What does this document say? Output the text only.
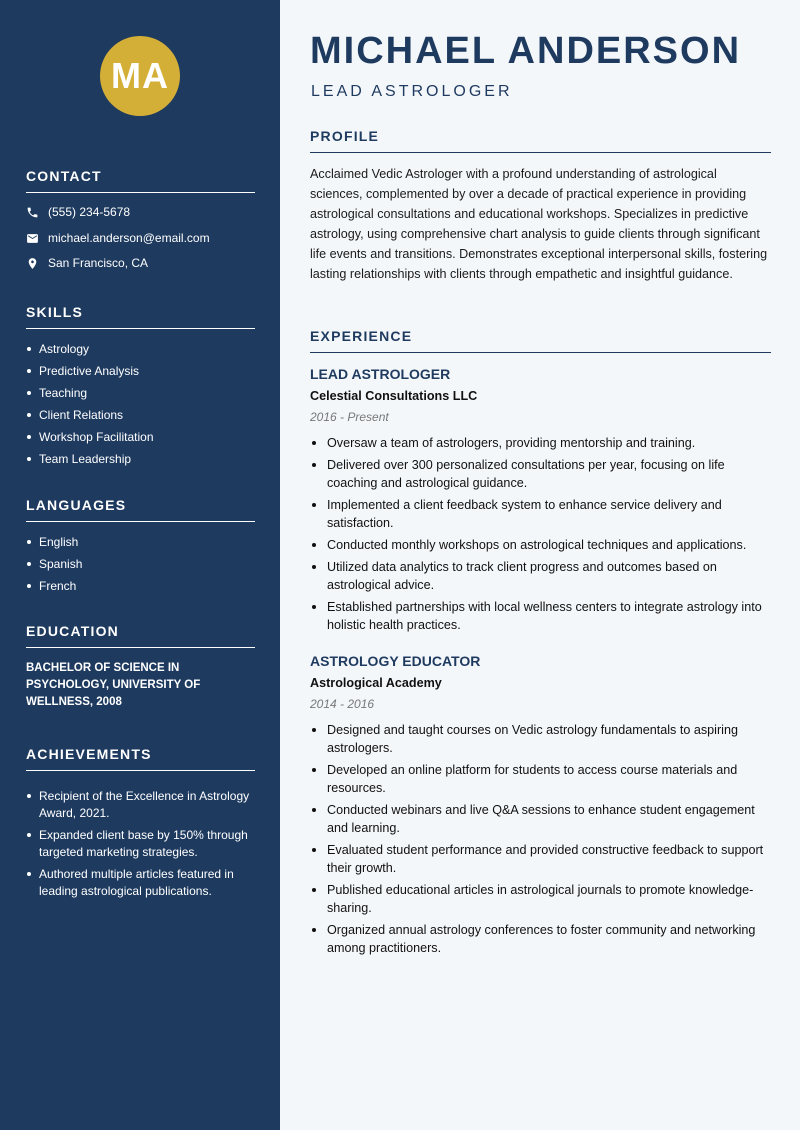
MA
CONTACT
(555) 234-5678
michael.anderson@email.com
San Francisco, CA
SKILLS
Astrology
Predictive Analysis
Teaching
Client Relations
Workshop Facilitation
Team Leadership
LANGUAGES
English
Spanish
French
EDUCATION
BACHELOR OF SCIENCE IN PSYCHOLOGY, UNIVERSITY OF WELLNESS, 2008
ACHIEVEMENTS
Recipient of the Excellence in Astrology Award, 2021.
Expanded client base by 150% through targeted marketing strategies.
Authored multiple articles featured in leading astrological publications.
MICHAEL ANDERSON
LEAD ASTROLOGER
PROFILE
Acclaimed Vedic Astrologer with a profound understanding of astrological sciences, complemented by over a decade of practical experience in providing astrological consultations and educational workshops. Specializes in predictive astrology, using comprehensive chart analysis to guide clients through significant life events and transitions. Demonstrates exceptional interpersonal skills, fostering lasting relationships with clients through empathetic and insightful guidance.
EXPERIENCE
LEAD ASTROLOGER
Celestial Consultations LLC
2016 - Present
Oversaw a team of astrologers, providing mentorship and training.
Delivered over 300 personalized consultations per year, focusing on life coaching and astrological guidance.
Implemented a client feedback system to enhance service delivery and satisfaction.
Conducted monthly workshops on astrological techniques and applications.
Utilized data analytics to track client progress and outcomes based on astrological advice.
Established partnerships with local wellness centers to integrate astrology into holistic health practices.
ASTROLOGY EDUCATOR
Astrological Academy
2014 - 2016
Designed and taught courses on Vedic astrology fundamentals to aspiring astrologers.
Developed an online platform for students to access course materials and resources.
Conducted webinars and live Q&A sessions to enhance student engagement and learning.
Evaluated student performance and provided constructive feedback to support their growth.
Published educational articles in astrological journals to promote knowledge-sharing.
Organized annual astrology conferences to foster community and networking among practitioners.
